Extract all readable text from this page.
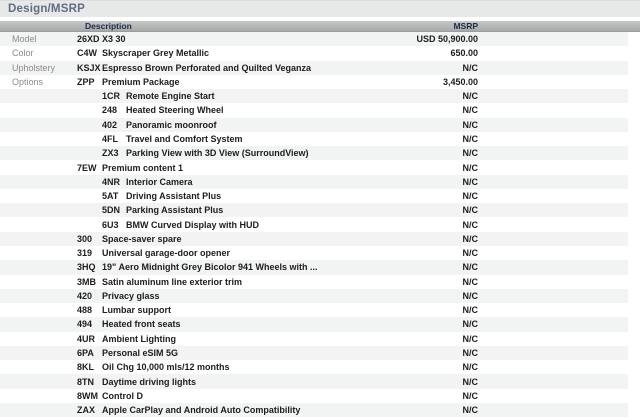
Design/MSRP
Description	MSRP
Model	26XD X3 30	USD 50,900.00
Color	C4W Skyscraper Grey Metallic	650.00
Upholstery	KSJX Espresso Brown Perforated and Quilted Veganza	N/C
Options	ZPP Premium Package	3,450.00
1CR Remote Engine Start	N/C
248 Heated Steering Wheel	N/C
402 Panoramic moonroof	N/C
4FL Travel and Comfort System	N/C
ZX3 Parking View with 3D View (SurroundView)	N/C
7EW Premium content 1	N/C
4NR Interior Camera	N/C
5AT Driving Assistant Plus	N/C
5DN Parking Assistant Plus	N/C
6U3 BMW Curved Display with HUD	N/C
300	Space-saver spare	N/C
319	Universal garage-door opener	N/C
3HQ 19" Aero Midnight Grey Bicolor 941 Wheels with ...	N/C
3MB Satin aluminum line exterior trim	N/C
420	Privacy glass	N/C
488	Lumbar support	N/C
494	Heated front seats	N/C
4UR Ambient Lighting	N/C
6PA Personal eSIM 5G	N/C
8KL Oil Chg 10,000 mls/12 months	N/C
8TN Daytime driving lights	N/C
8WM Control D	N/C
ZAX Apple CarPlay and Android Auto Compatibility	N/C
